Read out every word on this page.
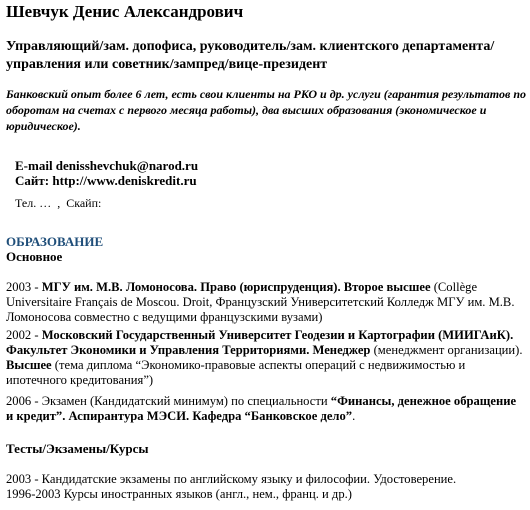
Шевчук Денис Александрович

Управляющий/зам. допофиса, руководитель/зам. клиентского департамента/управления или советник/зампред/вице-президент

Банковский опыт более 6 лет, есть свои клиенты на РКО и др. услуги (гарантия результатов по оборотам на счетах с первого месяца работы), два высших образования (экономическое и юридическое).

E-mail denisshevchuk@narod.ru
Сайт: http://www.deniskredit.ru

Тел. …  ,  Скайп:

ОБРАЗОВАНИЕ
Основное

2003 - МГУ им. М.В. Ломоносова. Право (юриспруденция). Второе высшее (Collège Universitaire Français de Moscou. Droit, Французский Университетский Колледж МГУ им. М.В. Ломоносова совместно с ведущими французскими вузами)

2002 - Московский Государственный Университет Геодезии и Картографии (МИИГАиК). Факультет Экономики и Управления Территориями. Менеджер (менеджмент организации). Высшее (тема диплома “Экономико-правовые аспекты операций с недвижимостью и ипотечного кредитования”)

2006 - Экзамен (Кандидатский минимум) по специальности “Финансы, денежное обращение и кредит”. Аспирантура МЭСИ. Кафедра “Банковское дело”.

Тесты/Экзамены/Курсы

2003 - Кандидатские экзамены по английскому языку и философии. Удостоверение.

1996-2003 Курсы иностранных языков (англ., нем., франц. и др.)
